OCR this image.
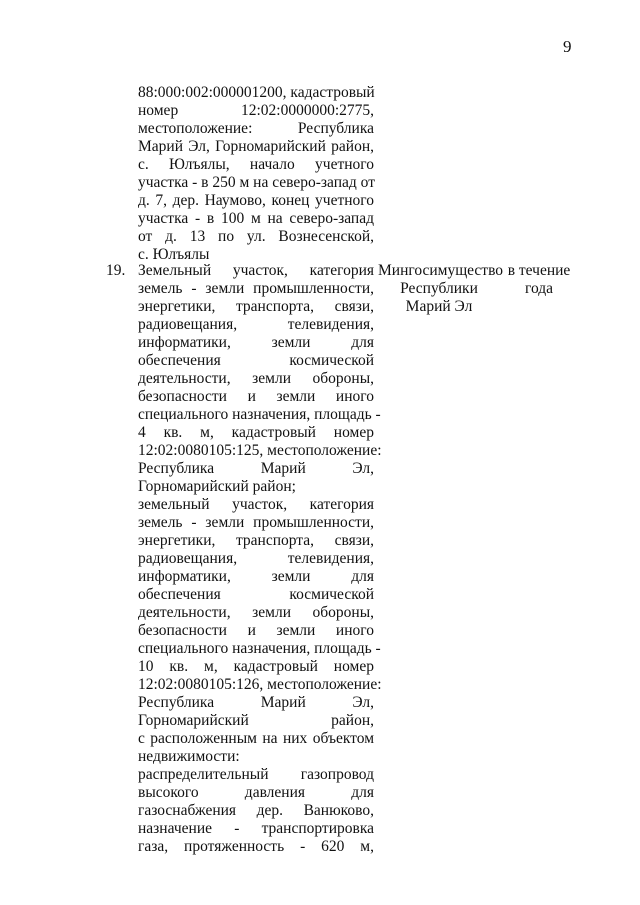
9
88:000:002:000001200, кадастровый
номер 12:02:0000000:2775,
местоположение: Республика
Марий Эл, Горномарийский район,
с. Юлъялы, начало учетного
участка - в 250 м на северо-запад от
д. 7, дер. Наумово, конец учетного
участка - в 100 м на северо-запад
от д. 13 по ул. Вознесенской,
с. Юлъялы
19. Земельный участок, категория
земель - земли промышленности,
энергетики, транспорта, связи,
радиовещания, телевидения,
информатики, земли для
обеспечения космической
деятельности, земли обороны,
безопасности и земли иного
специального назначения, площадь -
4 кв. м, кадастровый номер
12:02:0080105:125, местоположение:
Республика Марий Эл,
Горномарийский район;
земельный участок, категория
земель - земли промышленности,
энергетики, транспорта, связи,
радиовещания, телевидения,
информатики, земли для
обеспечения космической
деятельности, земли обороны,
безопасности и земли иного
специального назначения, площадь -
10 кв. м, кадастровый номер
12:02:0080105:126, местоположение:
Республика Марий Эл,
Горномарийский район,
с расположенным на них объектом
недвижимости:
распределительный газопровод
высокого давления для
газоснабжения дер. Ванюково,
назначение - транспортировка
газа, протяженность - 620 м,
Мингосимущество
Республики
Марий Эл
в течение
года
